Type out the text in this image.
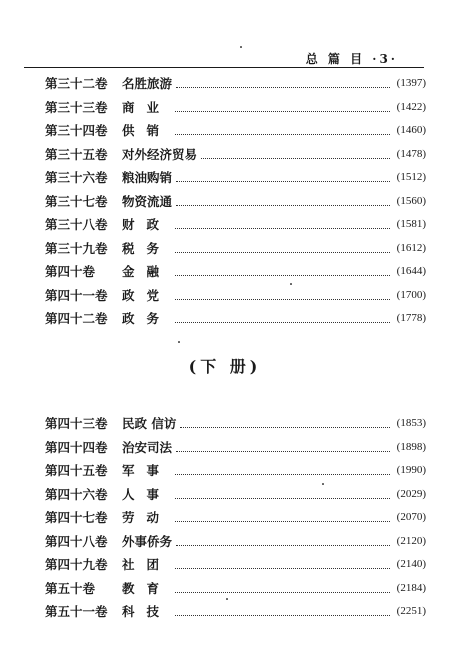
总 篇 目 ·3·
第三十二卷 名胜旅游	(1397)
第三十三卷 商业	(1422)
第三十四卷 供销	(1460)
第三十五卷 对外经济贸易	(1478)
第三十六卷 粮油购销	(1512)
第三十七卷 物资流通	(1560)
第三十八卷 财政	(1581)
第三十九卷 税务	(1612)
第四十卷 金融	(1644)
第四十一卷 政党	(1700)
第四十二卷 政务	(1778)
(下 册)
第四十三卷 民政 信访	(1853)
第四十四卷 治安司法	(1898)
第四十五卷 军事	(1990)
第四十六卷 人事	(2029)
第四十七卷 劳动	(2070)
第四十八卷 外事侨务	(2120)
第四十九卷 社团	(2140)
第五十卷 教育	(2184)
第五十一卷 科技	(2251)
